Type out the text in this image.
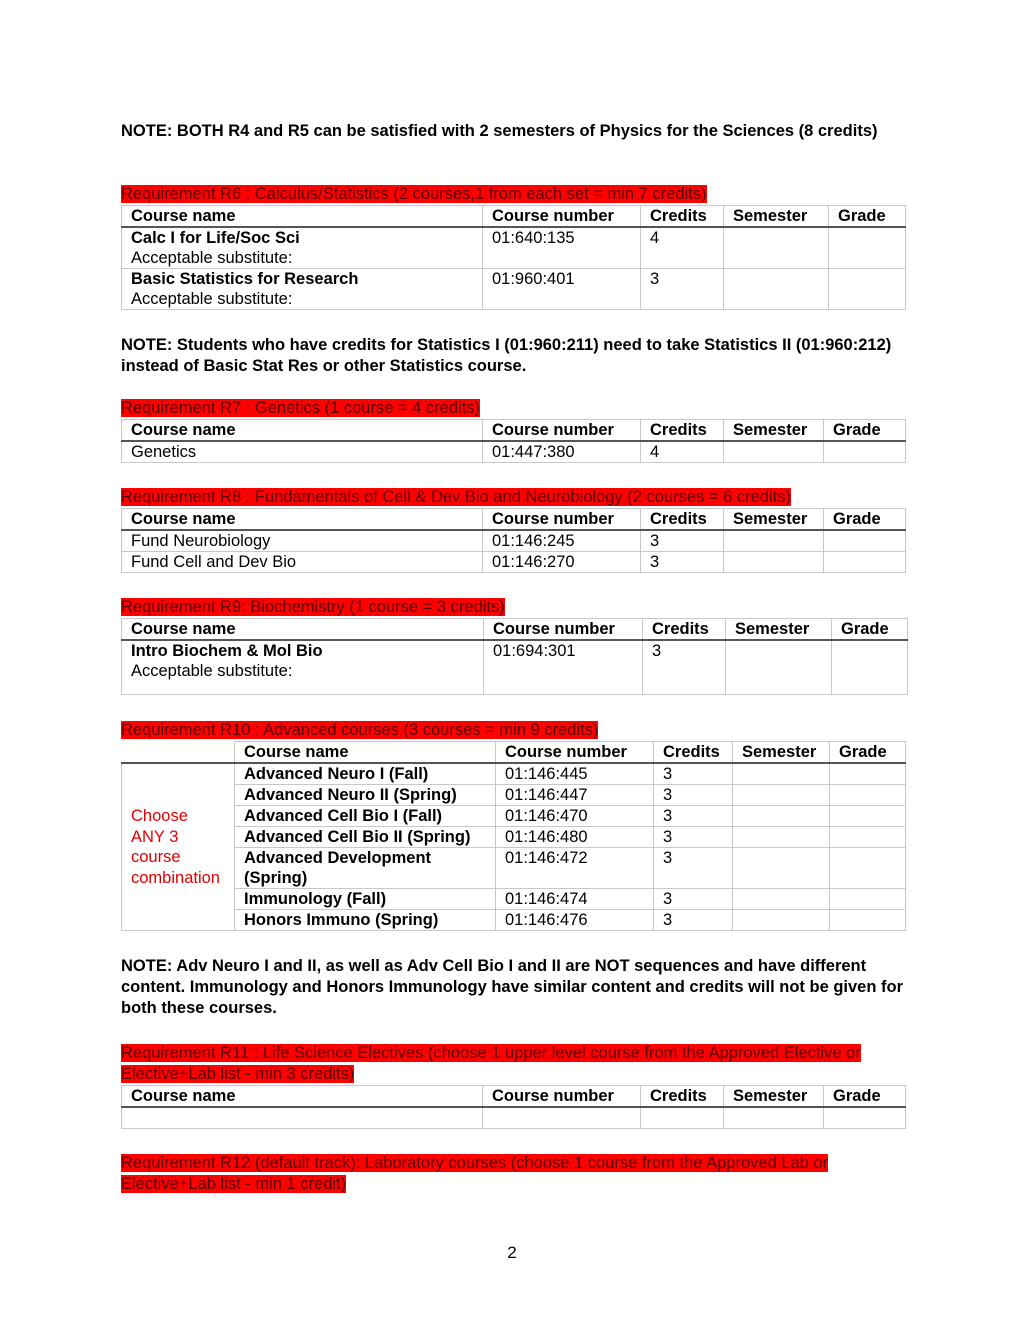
NOTE: BOTH R4 and R5 can be satisfied with 2 semesters of Physics for the Sciences (8 credits)
Requirement R6 : Calculus/Statistics (2 courses,1 from each set = min 7 credits)
Course name	Course number	Credits	Semester	Grade

Calc I for Life/Soc Sci
Acceptable substitute:	01:640:135	4		

Basic Statistics for Research
Acceptable substitute:	01:960:401	3		
NOTE: Students who have credits for Statistics I (01:960:211) need to take Statistics II (01:960:212) instead of Basic Stat Res or other Statistics course.
Requirement R7 : Genetics (1 course = 4 credits)
Course name	Course number	Credits	Semester	Grade
Genetics	01:447:380	4		
Requirement R8 : Fundamentals of Cell & Dev Bio and Neurobiology (2 courses = 6 credits)
Course name	Course number	Credits	Semester	Grade
Fund Neurobiology	01:146:245	3		
Fund Cell and Dev Bio	01:146:270	3		
Requirement R9: Biochemistry (1 course = 3 credits)
Course name	Course number	Credits	Semester	Grade

Intro Biochem & Mol Bio
Acceptable substitute:	01:694:301	3		
Requirement R10 : Advanced courses (3 courses = min 9 credits)
	Course name	Course number	Credits	Semester	Grade
Choose ANY 3 course combination	Advanced Neuro I (Fall)	01:146:445	3		
	Advanced Neuro II (Spring)	01:146:447	3		
	Advanced Cell Bio I (Fall)	01:146:470	3		
	Advanced Cell Bio II (Spring)	01:146:480	3		
	Advanced Development (Spring)	01:146:472	3		
	Immunology (Fall)	01:146:474	3		
	Honors Immuno (Spring)	01:146:476	3		
NOTE: Adv Neuro I and II, as well as Adv Cell Bio I and II are NOT sequences and have different content. Immunology and Honors Immunology have similar content and credits will not be given for both these courses.
Requirement R11 : Life Science Electives (choose 1 upper level course from the Approved Elective or Elective+Lab list - min 3 credits)
Course name	Course number	Credits	Semester	Grade

Requirement R12 (default track): Laboratory courses (choose 1 course from the Approved Lab or Elective+Lab list - min 1 credit)
2
